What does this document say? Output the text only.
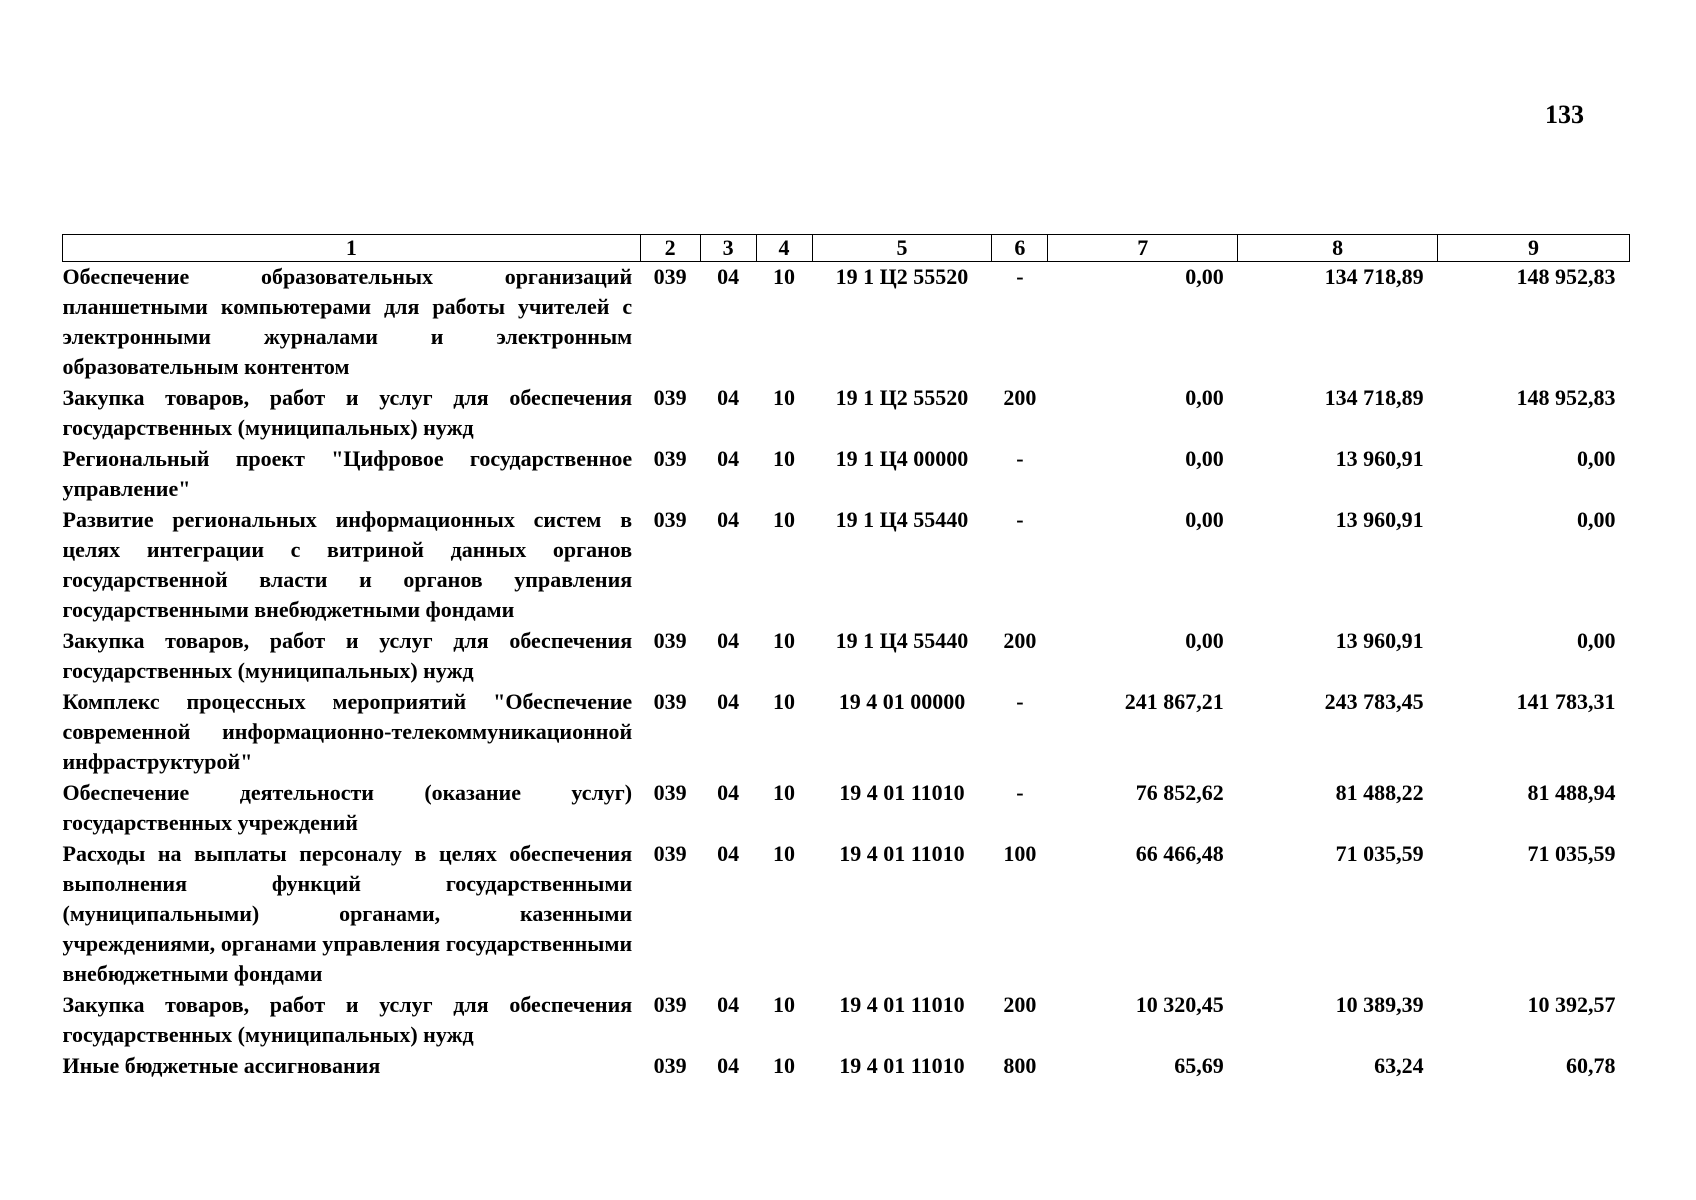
133
1	2	3	4	5	6	7	8	9
Обеспечение образовательных организаций планшетными компьютерами для работы учителей с электронными журналами и электронным образовательным контентом	039	04	10	19 1 Ц2 55520	-	0,00	134 718,89	148 952,83
Закупка товаров, работ и услуг для обеспечения государственных (муниципальных) нужд	039	04	10	19 1 Ц2 55520	200	0,00	134 718,89	148 952,83
Региональный проект "Цифровое государственное управление"	039	04	10	19 1 Ц4 00000	-	0,00	13 960,91	0,00
Развитие региональных информационных систем в целях интеграции с витриной данных органов государственной власти и органов управления государственными внебюджетными фондами	039	04	10	19 1 Ц4 55440	-	0,00	13 960,91	0,00
Закупка товаров, работ и услуг для обеспечения государственных (муниципальных) нужд	039	04	10	19 1 Ц4 55440	200	0,00	13 960,91	0,00
Комплекс процессных мероприятий "Обеспечение современной информационно-телекоммуникационной инфраструктурой"	039	04	10	19 4 01 00000	-	241 867,21	243 783,45	141 783,31
Обеспечение деятельности (оказание услуг) государственных учреждений	039	04	10	19 4 01 11010	-	76 852,62	81 488,22	81 488,94
Расходы на выплаты персоналу в целях обеспечения выполнения функций государственными (муниципальными) органами, казенными учреждениями, органами управления государственными внебюджетными фондами	039	04	10	19 4 01 11010	100	66 466,48	71 035,59	71 035,59
Закупка товаров, работ и услуг для обеспечения государственных (муниципальных) нужд	039	04	10	19 4 01 11010	200	10 320,45	10 389,39	10 392,57
Иные бюджетные ассигнования	039	04	10	19 4 01 11010	800	65,69	63,24	60,78
